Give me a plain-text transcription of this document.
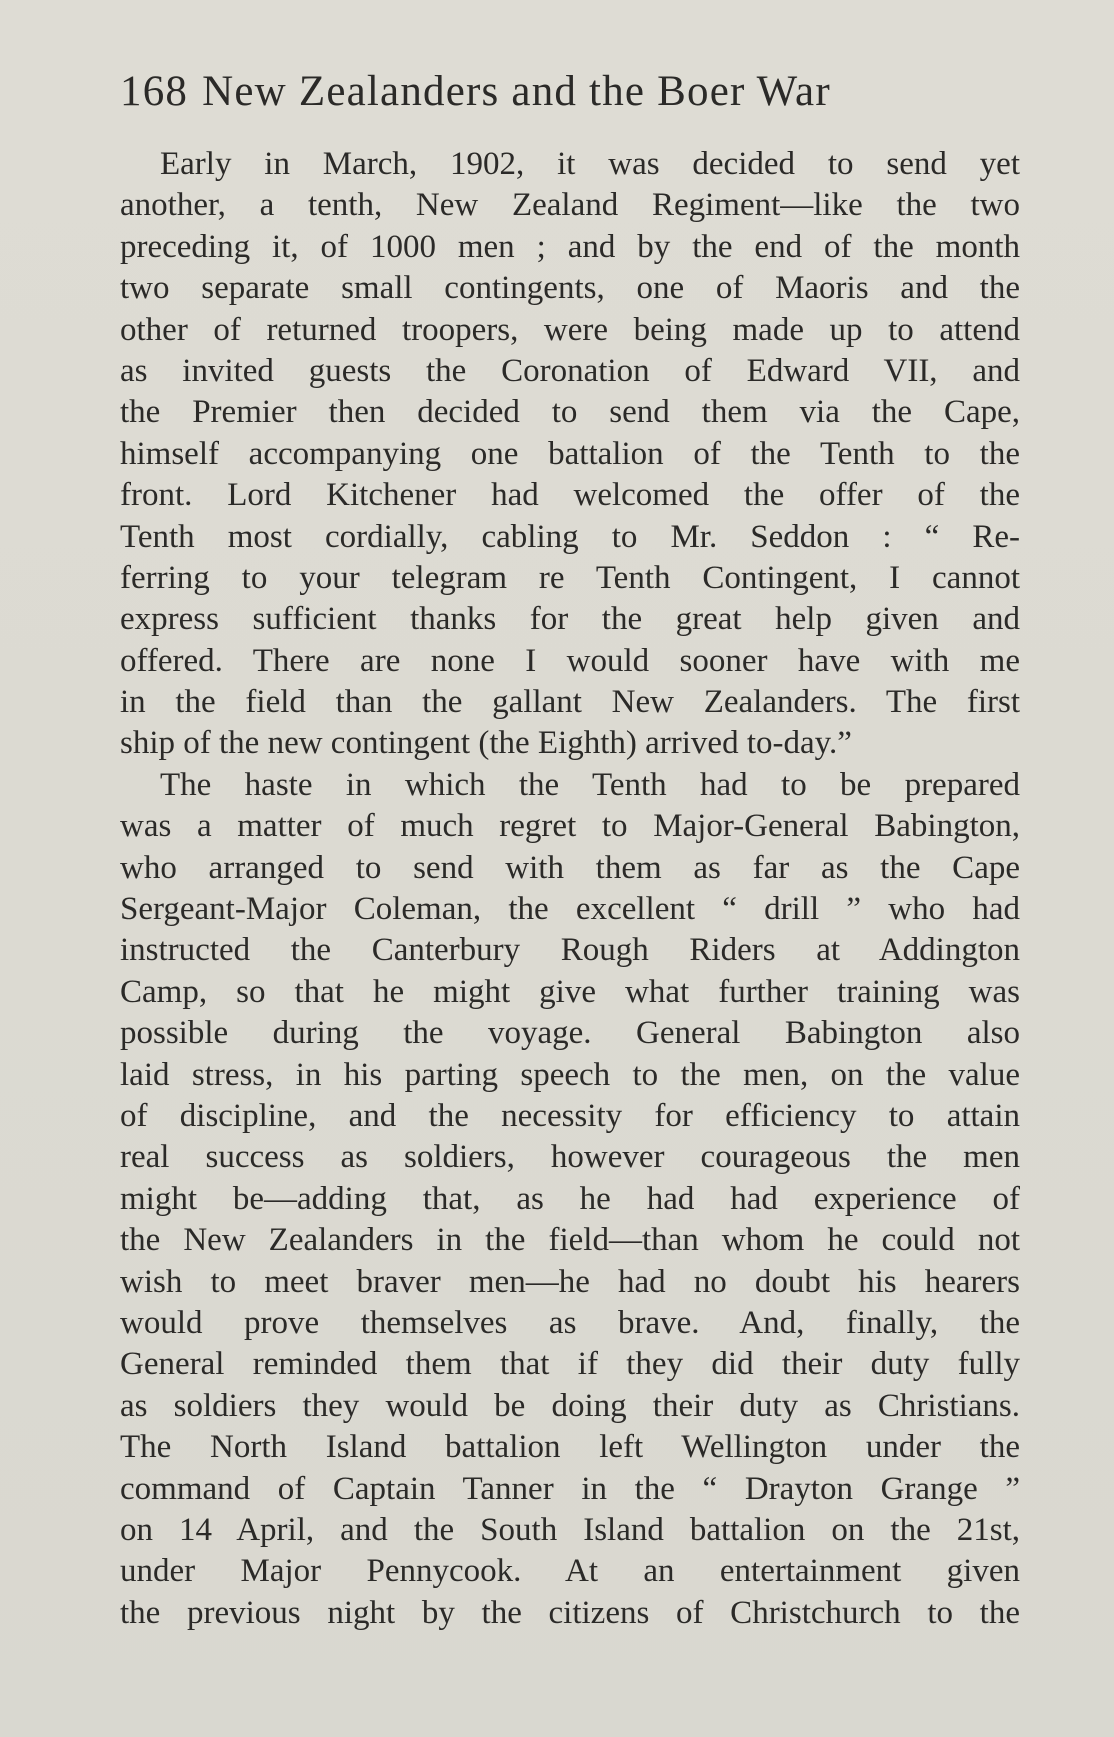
168 New Zealanders and the Boer War
Early in March, 1902, it was decided to send yet
another, a tenth, New Zealand Regiment—like the two
preceding it, of 1000 men ; and by the end of the month
two separate small contingents, one of Maoris and the
other of returned troopers, were being made up to attend
as invited guests the Coronation of Edward VII, and
the Premier then decided to send them via the Cape,
himself accompanying one battalion of the Tenth to the
front. Lord Kitchener had welcomed the offer of the
Tenth most cordially, cabling to Mr. Seddon : “ Re-
ferring to your telegram re Tenth Contingent, I cannot
express sufficient thanks for the great help given and
offered. There are none I would sooner have with me
in the field than the gallant New Zealanders. The first
ship of the new contingent (the Eighth) arrived to-day.”
The haste in which the Tenth had to be prepared
was a matter of much regret to Major-General Babington,
who arranged to send with them as far as the Cape
Sergeant-Major Coleman, the excellent “ drill ” who had
instructed the Canterbury Rough Riders at Addington
Camp, so that he might give what further training was
possible during the voyage. General Babington also
laid stress, in his parting speech to the men, on the value
of discipline, and the necessity for efficiency to attain
real success as soldiers, however courageous the men
might be—adding that, as he had had experience of
the New Zealanders in the field—than whom he could not
wish to meet braver men—he had no doubt his hearers
would prove themselves as brave. And, finally, the
General reminded them that if they did their duty fully
as soldiers they would be doing their duty as Christians.
The North Island battalion left Wellington under the
command of Captain Tanner in the “ Drayton Grange ”
on 14 April, and the South Island battalion on the 21st,
under Major Pennycook. At an entertainment given
the previous night by the citizens of Christchurch to the
